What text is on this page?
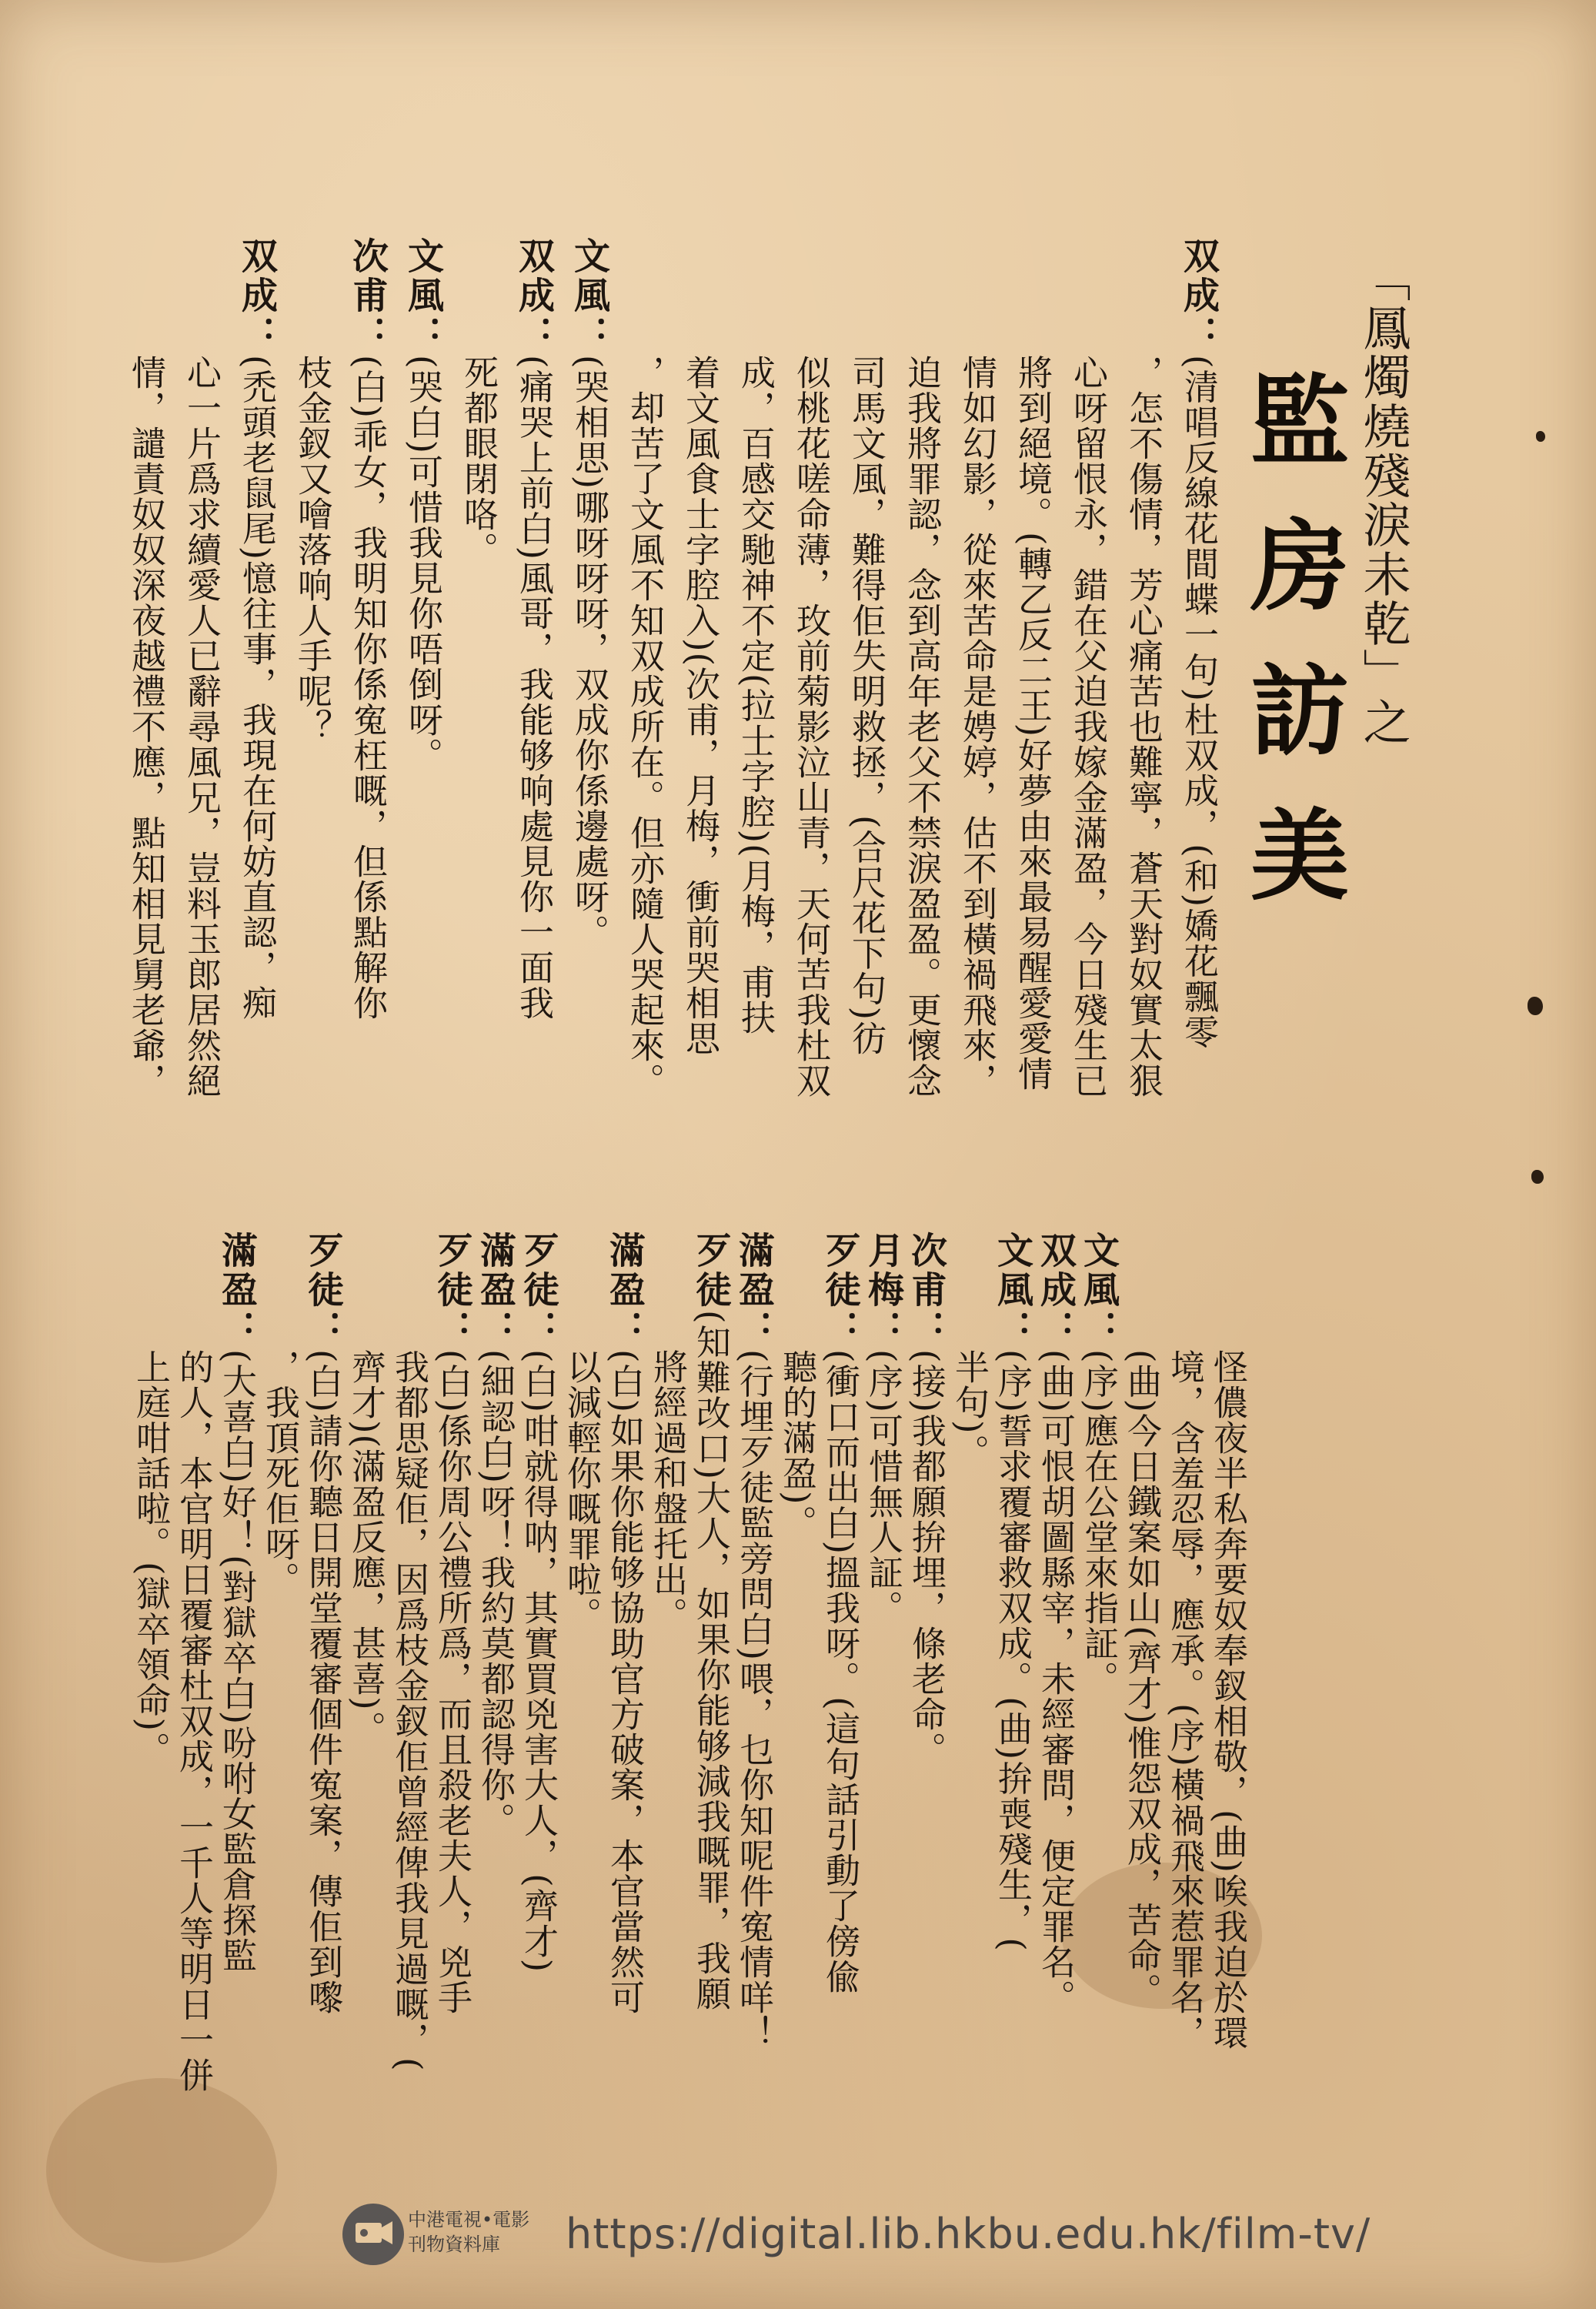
「鳳燭燒殘淚未乾」之
監房訪美
双成：(清唱反線花間蝶一句)杜双成，(和)嬌花飄零
　　　，怎不傷情，芳心痛苦也難寧，蒼天對奴實太狠
　　　心呀留恨永，錯在父迫我嫁金滿盈，今日殘生已
　　　將到絕境。(轉乙反二王)好夢由來最易醒愛愛情
　　　情如幻影，從來苦命是娉婷，估不到橫禍飛來，
　　　迫我將罪認，念到高年老父不禁淚盈盈。更懷念
　　　司馬文風，難得佢失明救拯，(合尺花下句)彷
　　　似桃花嗟命薄，玫前菊影泣山青，天何苦我杜双
　　　成，百感交馳神不定(拉士字腔)(月梅，甫扶
　　　着文風食士字腔入)(次甫，月梅，衝前哭相思
　　　，却苦了文風不知双成所在。但亦隨人哭起來。
文風：(哭相思)哪呀呀呀，双成你係邊處呀。
双成：(痛哭上前白)風哥，我能够响處見你一面我
　　　死都眼閉咯。
文風：(哭白)可惜我見你唔倒呀。
次甫：(白)乖女，我明知你係寃枉嘅，但係點解你
　　　枝金釵又噲落响人手呢？
双成：(禿頭老鼠尾)憶往事，我現在何妨直認，痴
　　　心一片爲求續愛人已辭尋風兄，豈料玉郎居然絕
　　　情，譴責奴奴深夜越禮不應，點知相見舅老爺，
　　　怪儂夜半私奔要奴奉釵相敬，(曲)唉我迫於環
　　　境，含羞忍辱，應承。(序)橫禍飛來惹罪名，
　　　(曲)今日鐵案如山(齊才)惟怨双成，苦命。
文風：(序)應在公堂來指証。
双成：(曲)可恨胡圖縣宰，未經審問，便定罪名。
文風：(序)誓求覆審救双成。(曲)拚喪殘生，(
　　　半句)。
次甫：(接)我都願拚埋，條老命。
月梅：(序)可惜無人証。
歹徒：(衝口而出白)搵我呀。(這句話引動了傍偸
　　　聽的滿盈)。
滿盈：(行埋歹徒監旁問白)喂，乜你知呢件寃情咩！
歹徒(知難改口)大人，如果你能够減我嘅罪，我願
　　　將經過和盤托出。
滿盈：(白)如果你能够協助官方破案，本官當然可
　　　以減輕你嘅罪啦。
歹徒：(白)咁就得呐，其實買兇害大人，(齊才)
滿盈：(細認白)呀！我約莫都認得你。
歹徒：(白)係你周公禮所爲，而且殺老夫人，兇手
　　　我都思疑佢，因爲枝金釵佢曾經俾我見過嘅，(
　　　齊才)(滿盈反應，甚喜)。
歹徒：(白)請你聽日開堂覆審個件寃案，傳佢到嚟
　　　，我頂死佢呀。
滿盈：(大喜白)好！(對獄卒白)吩咐女監倉探監
　　　的人，本官明日覆審杜双成，一千人等明日一併
　　　上庭咁話啦。(獄卒領命)。
中港電視•電影
刊物資料庫	https://digital.lib.hkbu.edu.hk/film-tv/
